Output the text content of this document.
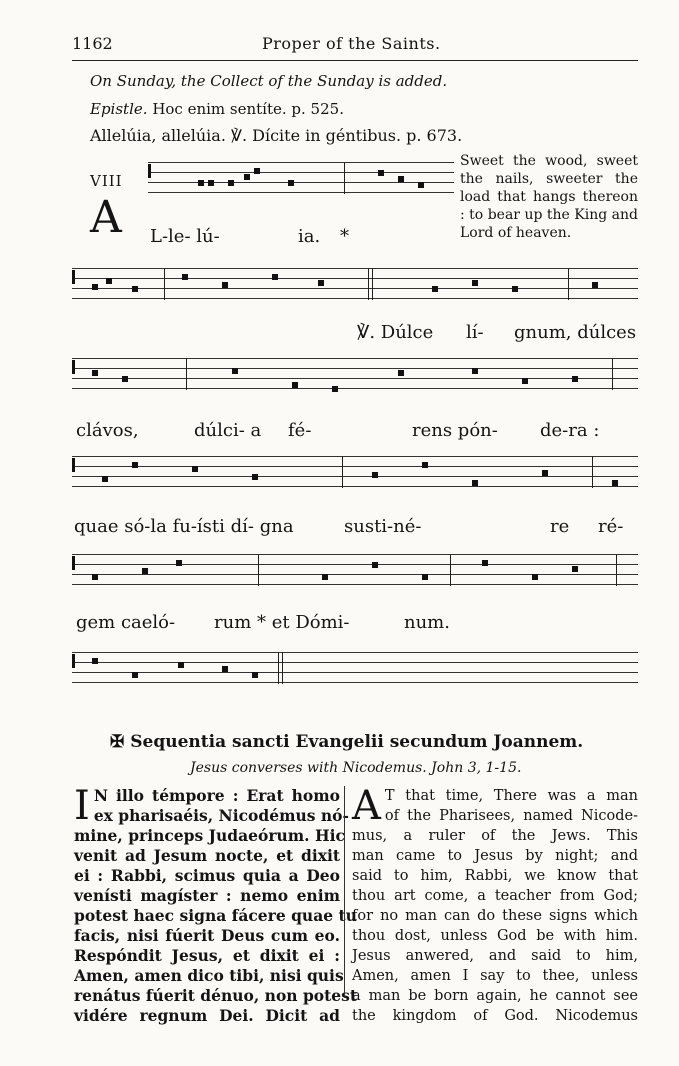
1162	Proper of the Saints.
On Sunday, the Collect of the Sunday is added.
Epistle. Hoc enim sentíte. p. 525.
Allelúia, allelúia. ℣. Dícite in géntibus. p. 673.
VIII
A
Sweet the wood, sweet the nails, sweeter the load that hangs thereon : to bear up the King and Lord of heaven.
L-le- lú-	ia. *
℣. Dúlce lí- gnum, dúlces
clávos,	dúlci- a fé-	rens pón- de-ra :
quae só-la fu-ísti dí- gna	susti-né-	re ré-
gem caeló- rum * et Dómi-	num.
✠ Sequentia sancti Evangelii secundum Joannem.
Jesus converses with Nicodemus. John 3, 1-15.
I N illo témpore : Erat homo
ex pharisaéis, Nicodémus nó-
mine, princeps Judaeórum. Hic
venit ad Jesum nocte, et dixit
ei : Rabbi, scimus quia a Deo
venísti magíster : nemo enim
potest haec signa fácere quae tu
facis, nisi fúerit Deus cum eo.
Respóndit Jesus, et dixit ei :
Amen, amen dico tibi, nisi quis
renátus fúerit dénuo, non potest
vidére regnum Dei. Dicit ad
A T that time, There was a man
of the Pharisees, named Nicode-
mus, a ruler of the Jews. This
man came to Jesus by night; and
said to him, Rabbi, we know that
thou art come, a teacher from God;
for no man can do these signs which
thou dost, unless God be with him.
Jesus anwered, and said to him,
Amen, amen I say to thee, unless
a man be born again, he cannot see
the kingdom of God. Nicodemus
